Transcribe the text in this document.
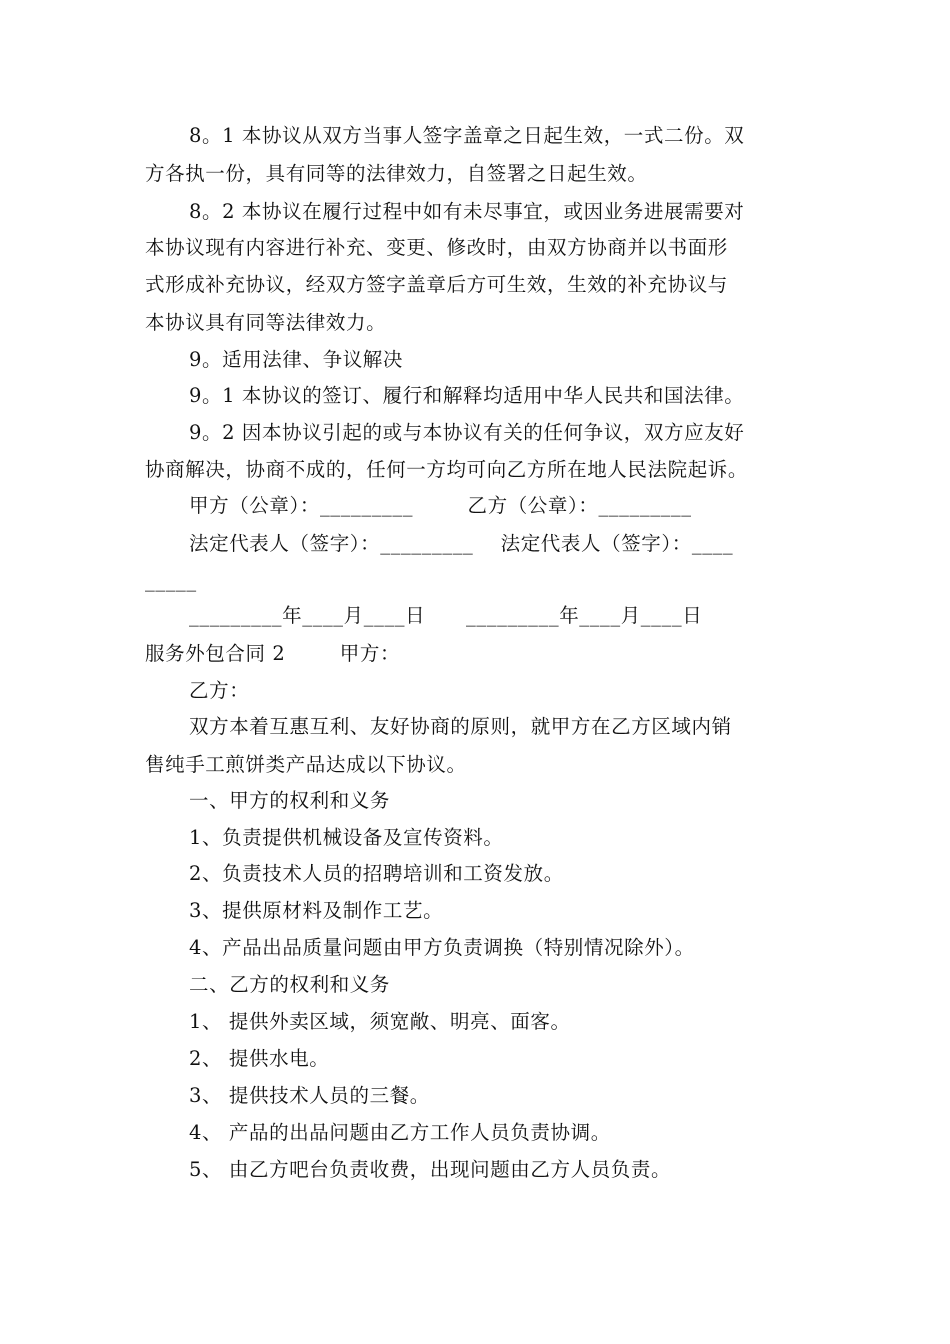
8。1 本协议从双方当事人签字盖章之日起生效，一式二份。双
方各执一份，具有同等的法律效力，自签署之日起生效。
8。2 本协议在履行过程中如有未尽事宜，或因业务进展需要对
本协议现有内容进行补充、变更、修改时，由双方协商并以书面形
式形成补充协议，经双方签字盖章后方可生效，生效的补充协议与
本协议具有同等法律效力。
9。适用法律、争议解决
9。1 本协议的签订、履行和解释均适用中华人民共和国法律。
9。2 因本协议引起的或与本协议有关的任何争议，双方应友好
协商解决，协商不成的，任何一方均可向乙方所在地人民法院起诉。
甲方（公章）：_________        乙方（公章）：_________
法定代表人（签字）：_________    法定代表人（签字）：____
_____
_________年____月____日      _________年____月____日
服务外包合同 2        甲方：
乙方：
双方本着互惠互利、友好协商的原则，就甲方在乙方区域内销
售纯手工煎饼类产品达成以下协议。
一、甲方的权利和义务
1、负责提供机械设备及宣传资料。
2、负责技术人员的招聘培训和工资发放。
3、提供原材料及制作工艺。
4、产品出品质量问题由甲方负责调换（特别情况除外）。
二、乙方的权利和义务
1、 提供外卖区域，须宽敞、明亮、面客。
2、 提供水电。
3、 提供技术人员的三餐。
4、 产品的出品问题由乙方工作人员负责协调。
5、 由乙方吧台负责收费，出现问题由乙方人员负责。
